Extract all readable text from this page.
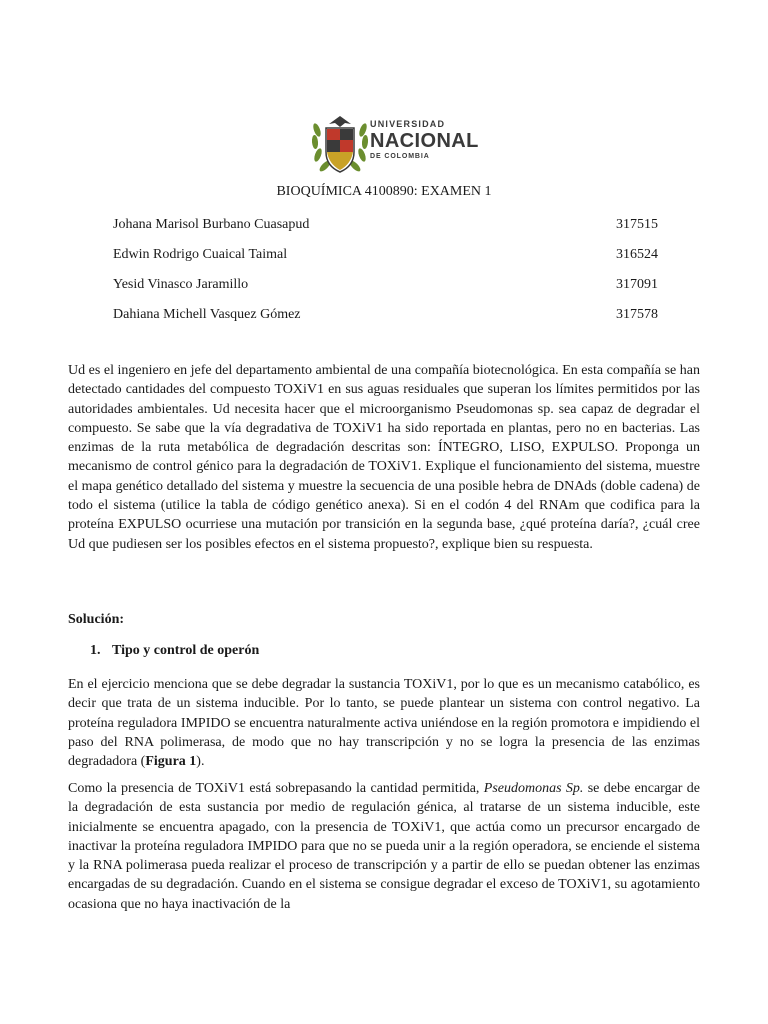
UNIVERSIDAD
NACIONAL
DE COLOMBIA
BIOQUÍMICA 4100890: EXAMEN 1
Johana Marisol Burbano Cuasapud	317515
Edwin Rodrigo Cuaical Taimal	316524
Yesid Vinasco Jaramillo	317091
Dahiana Michell Vasquez Gómez	317578

Ud es el ingeniero en jefe del departamento ambiental de una compañía biotecnológica. En esta compañía se han detectado cantidades del compuesto TOXiV1 en sus aguas residuales que superan los límites permitidos por las autoridades ambientales. Ud necesita hacer que el microorganismo Pseudomonas sp. sea capaz de degradar el compuesto. Se sabe que la vía degradativa de TOXiV1 ha sido reportada en plantas, pero no en bacterias. Las enzimas de la ruta metabólica de degradación descritas son: ÍNTEGRO, LISO, EXPULSO. Proponga un mecanismo de control génico para la degradación de TOXiV1. Explique el funcionamiento del sistema, muestre el mapa genético detallado del sistema y muestre la secuencia de una posible hebra de DNAds (doble cadena) de todo el sistema (utilice la tabla de código genético anexa). Si en el codón 4 del RNAm que codifica para la proteína EXPULSO ocurriese una mutación por transición en la segunda base, ¿qué proteína daría?, ¿cuál cree Ud que pudiesen ser los posibles efectos en el sistema propuesto?, explique bien su respuesta.

Solución:
1. Tipo y control de operón

En el ejercicio menciona que se debe degradar la sustancia TOXiV1, por lo que es un mecanismo catabólico, es decir que trata de un sistema inducible. Por lo tanto, se puede plantear un sistema con control negativo. La proteína reguladora IMPIDO se encuentra naturalmente activa uniéndose en la región promotora e impidiendo el paso del RNA polimerasa, de modo que no hay transcripción y no se logra la presencia de las enzimas degradadora (Figura 1).

Como la presencia de TOXiV1 está sobrepasando la cantidad permitida, Pseudomonas Sp. se debe encargar de la degradación de esta sustancia por medio de regulación génica, al tratarse de un sistema inducible, este inicialmente se encuentra apagado, con la presencia de TOXiV1, que actúa como un precursor encargado de inactivar la proteína reguladora IMPIDO para que no se pueda unir a la región operadora, se enciende el sistema y la RNA polimerasa pueda realizar el proceso de transcripción y a partir de ello se puedan obtener las enzimas encargadas de su degradación. Cuando en el sistema se consigue degradar el exceso de TOXiV1, su agotamiento ocasiona que no haya inactivación de la
